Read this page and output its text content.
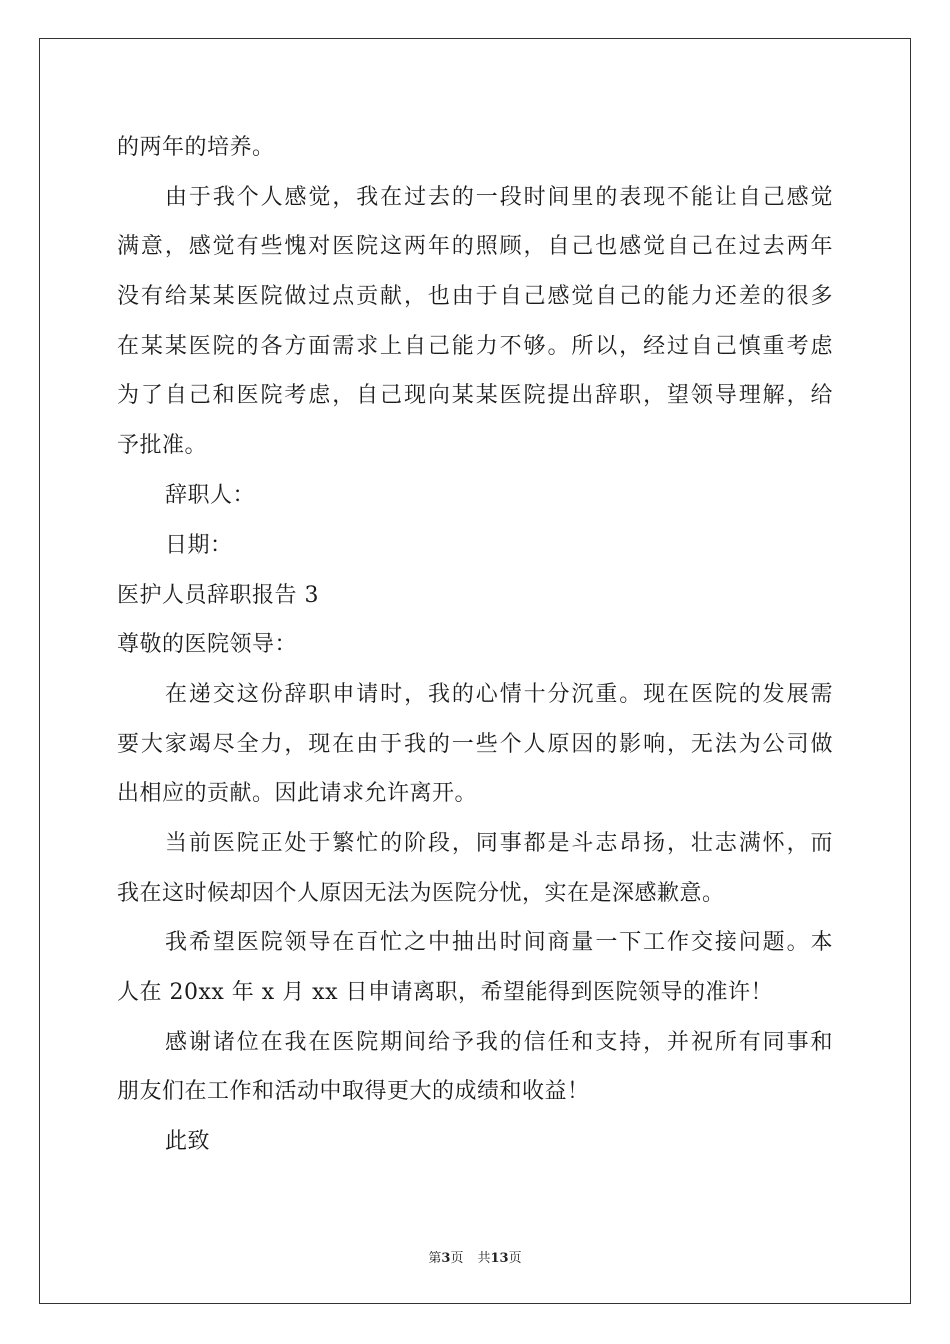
的两年的培养。
由于我个人感觉，我在过去的一段时间里的表现不能让自己感觉
满意，感觉有些愧对医院这两年的照顾，自己也感觉自己在过去两年
没有给某某医院做过点贡献，也由于自己感觉自己的能力还差的很多
在某某医院的各方面需求上自己能力不够。所以，经过自己慎重考虑
为了自己和医院考虑，自己现向某某医院提出辞职，望领导理解，给
予批准。
辞职人：
日期：
医护人员辞职报告 3
尊敬的医院领导：
在递交这份辞职申请时，我的心情十分沉重。现在医院的发展需
要大家竭尽全力，现在由于我的一些个人原因的影响，无法为公司做
出相应的贡献。因此请求允许离开。
当前医院正处于繁忙的阶段，同事都是斗志昂扬，壮志满怀，而
我在这时候却因个人原因无法为医院分忧，实在是深感歉意。
我希望医院领导在百忙之中抽出时间商量一下工作交接问题。本
人在 20xx 年 x 月 xx 日申请离职，希望能得到医院领导的准许！
感谢诸位在我在医院期间给予我的信任和支持，并祝所有同事和
朋友们在工作和活动中取得更大的成绩和收益！
此致
第3页 共13页
